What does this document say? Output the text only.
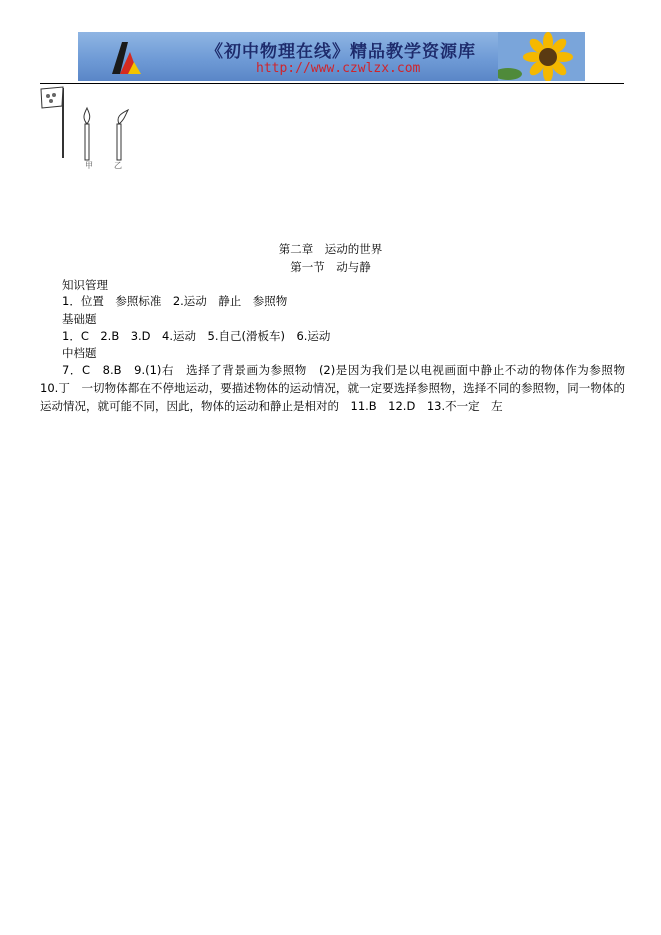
《初中物理在线》精品教学资源库
http://www.czwlzx.com
甲	乙
第二章　运动的世界
第一节　动与静
知识管理
1．位置　参照标准　2.运动　静止　参照物
基础题
1．C　2.B　3.D　4.运动　5.自己(滑板车)　6.运动
中档题
7．C　8.B　9.(1)右　选择了背景画为参照物　(2)是因为我们是以电视画面中静止不动的物体作为参照物　10.丁　一切物体都在不停地运动，要描述物体的运动情况，就一定要选择参照物，选择不同的参照物，同一物体的运动情况，就可能不同，因此，物体的运动和静止是相对的　11.B　12.D　13.不一定　左
